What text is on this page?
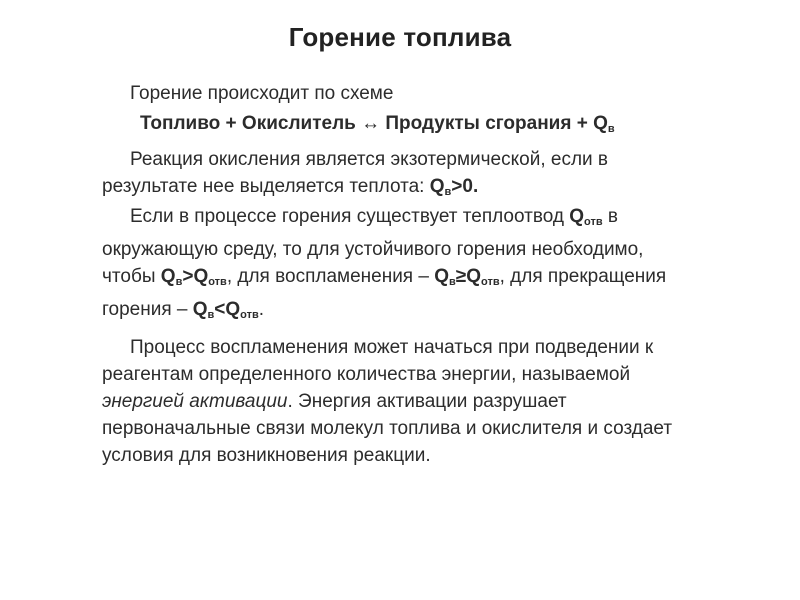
Горение топлива
Горение происходит по схеме
Топливо + Окислитель ↔ Продукты сгорания + $Q_в$
Реакция окисления является экзотермической, если в результате нее выделяется теплота: $Q_в>0$.
Если в процессе горения существует теплоотвод $Q_{отв}$ в окружающую среду, то для устойчивого горения необходимо, чтобы $Q_в>Q_{отв}$, для воспламенения – $Q_в\ge Q_{отв}$, для прекращения горения – $Q_в<Q_{отв}$.
Процесс воспламенения может начаться при подведении к реагентам определенного количества энергии, называемой энергией активации. Энергия активации разрушает первоначальные связи молекул топлива и окислителя и создает условия для возникновения реакции.
